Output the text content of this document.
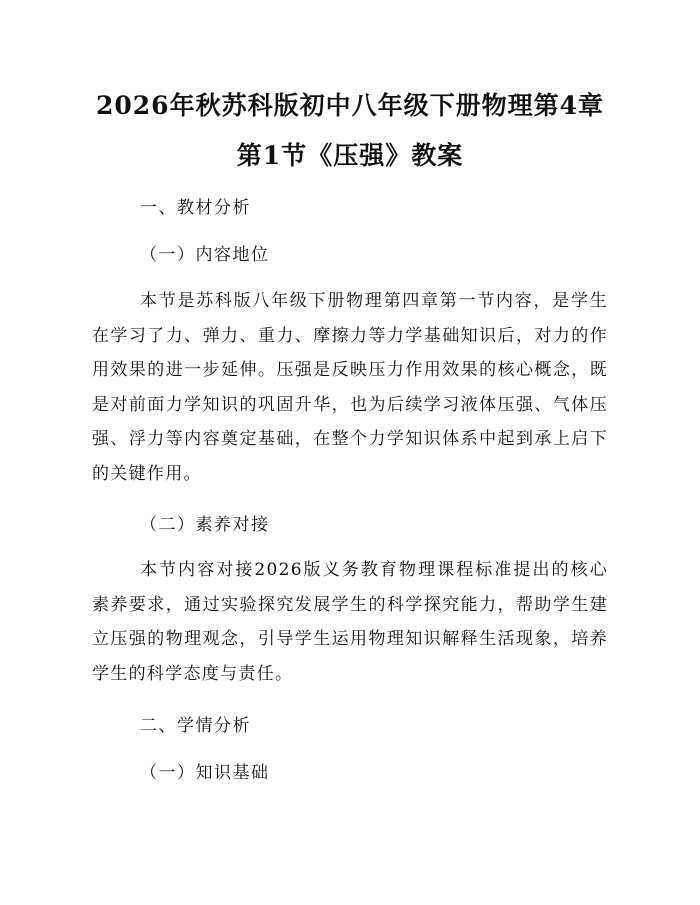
2026年秋苏科版初中八年级下册物理第4章
第1节《压强》教案
一、教材分析
（一）内容地位

本节是苏科版八年级下册物理第四章第一节内容，是学生在学习了力、弹力、重力、摩擦力等力学基础知识后，对力的作用效果的进一步延伸。压强是反映压力作用效果的核心概念，既是对前面力学知识的巩固升华，也为后续学习液体压强、气体压强、浮力等内容奠定基础，在整个力学知识体系中起到承上启下的关键作用。

（二）素养对接

本节内容对接2026版义务教育物理课程标准提出的核心素养要求，通过实验探究发展学生的科学探究能力，帮助学生建立压强的物理观念，引导学生运用物理知识解释生活现象，培养学生的科学态度与责任。

二、学情分析
（一）知识基础
